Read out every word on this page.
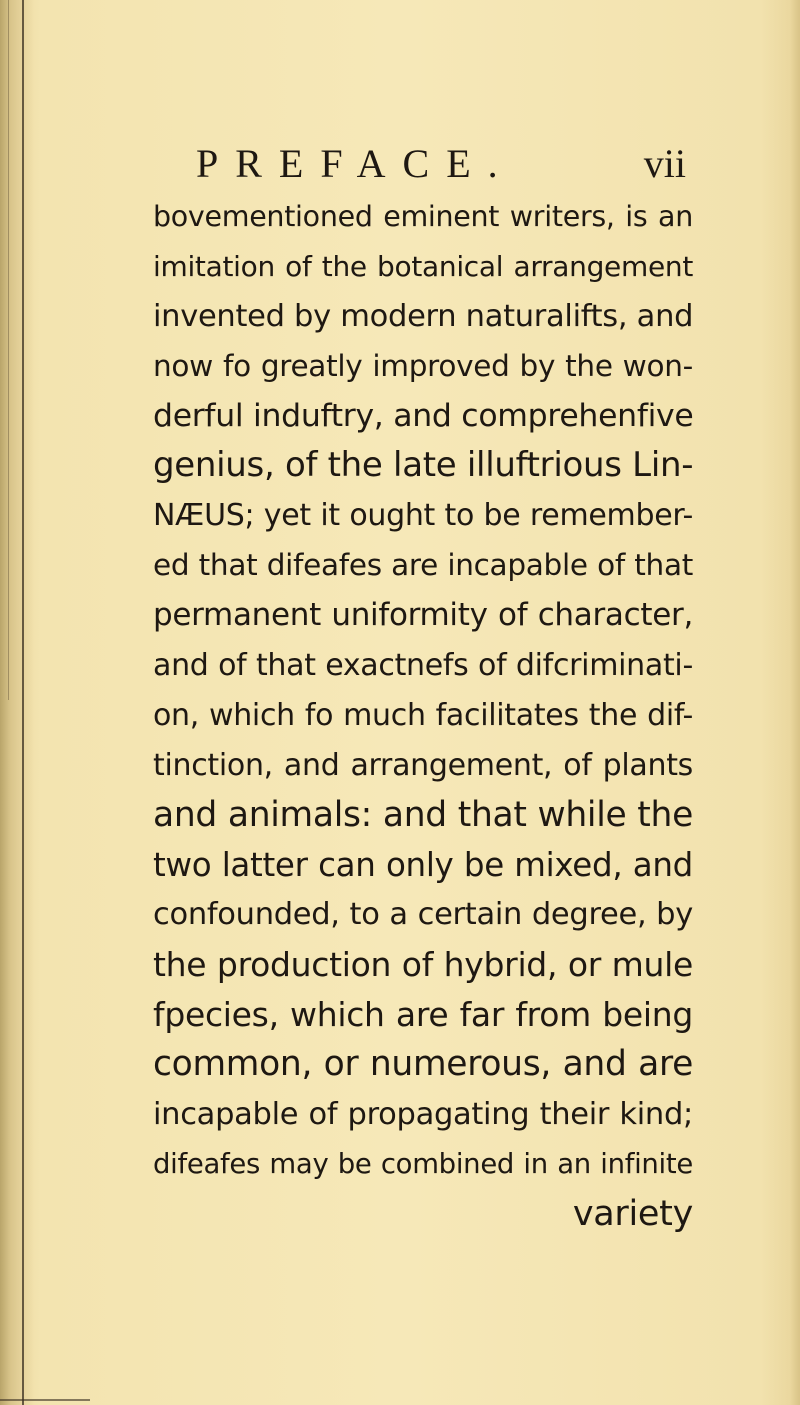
PREFACE.	vii
bovementioned eminent writers, is an
imitation of the botanical arrangement
invented by modern naturalifts, and
now fo greatly improved by the won-
derful induftry, and comprehenfive
genius, of the late illuftrious Lin-
NÆUS; yet it ought to be remember-
ed that difeafes are incapable of that
permanent uniformity of character,
and of that exactnefs of difcriminati-
on, which fo much facilitates the dif-
tinction, and arrangement, of plants
and animals: and that while the
two latter can only be mixed, and
confounded, to a certain degree, by
the production of hybrid, or mule
fpecies, which are far from being
common, or numerous, and are
incapable of propagating their kind;
difeafes may be combined in an infinite
variety
